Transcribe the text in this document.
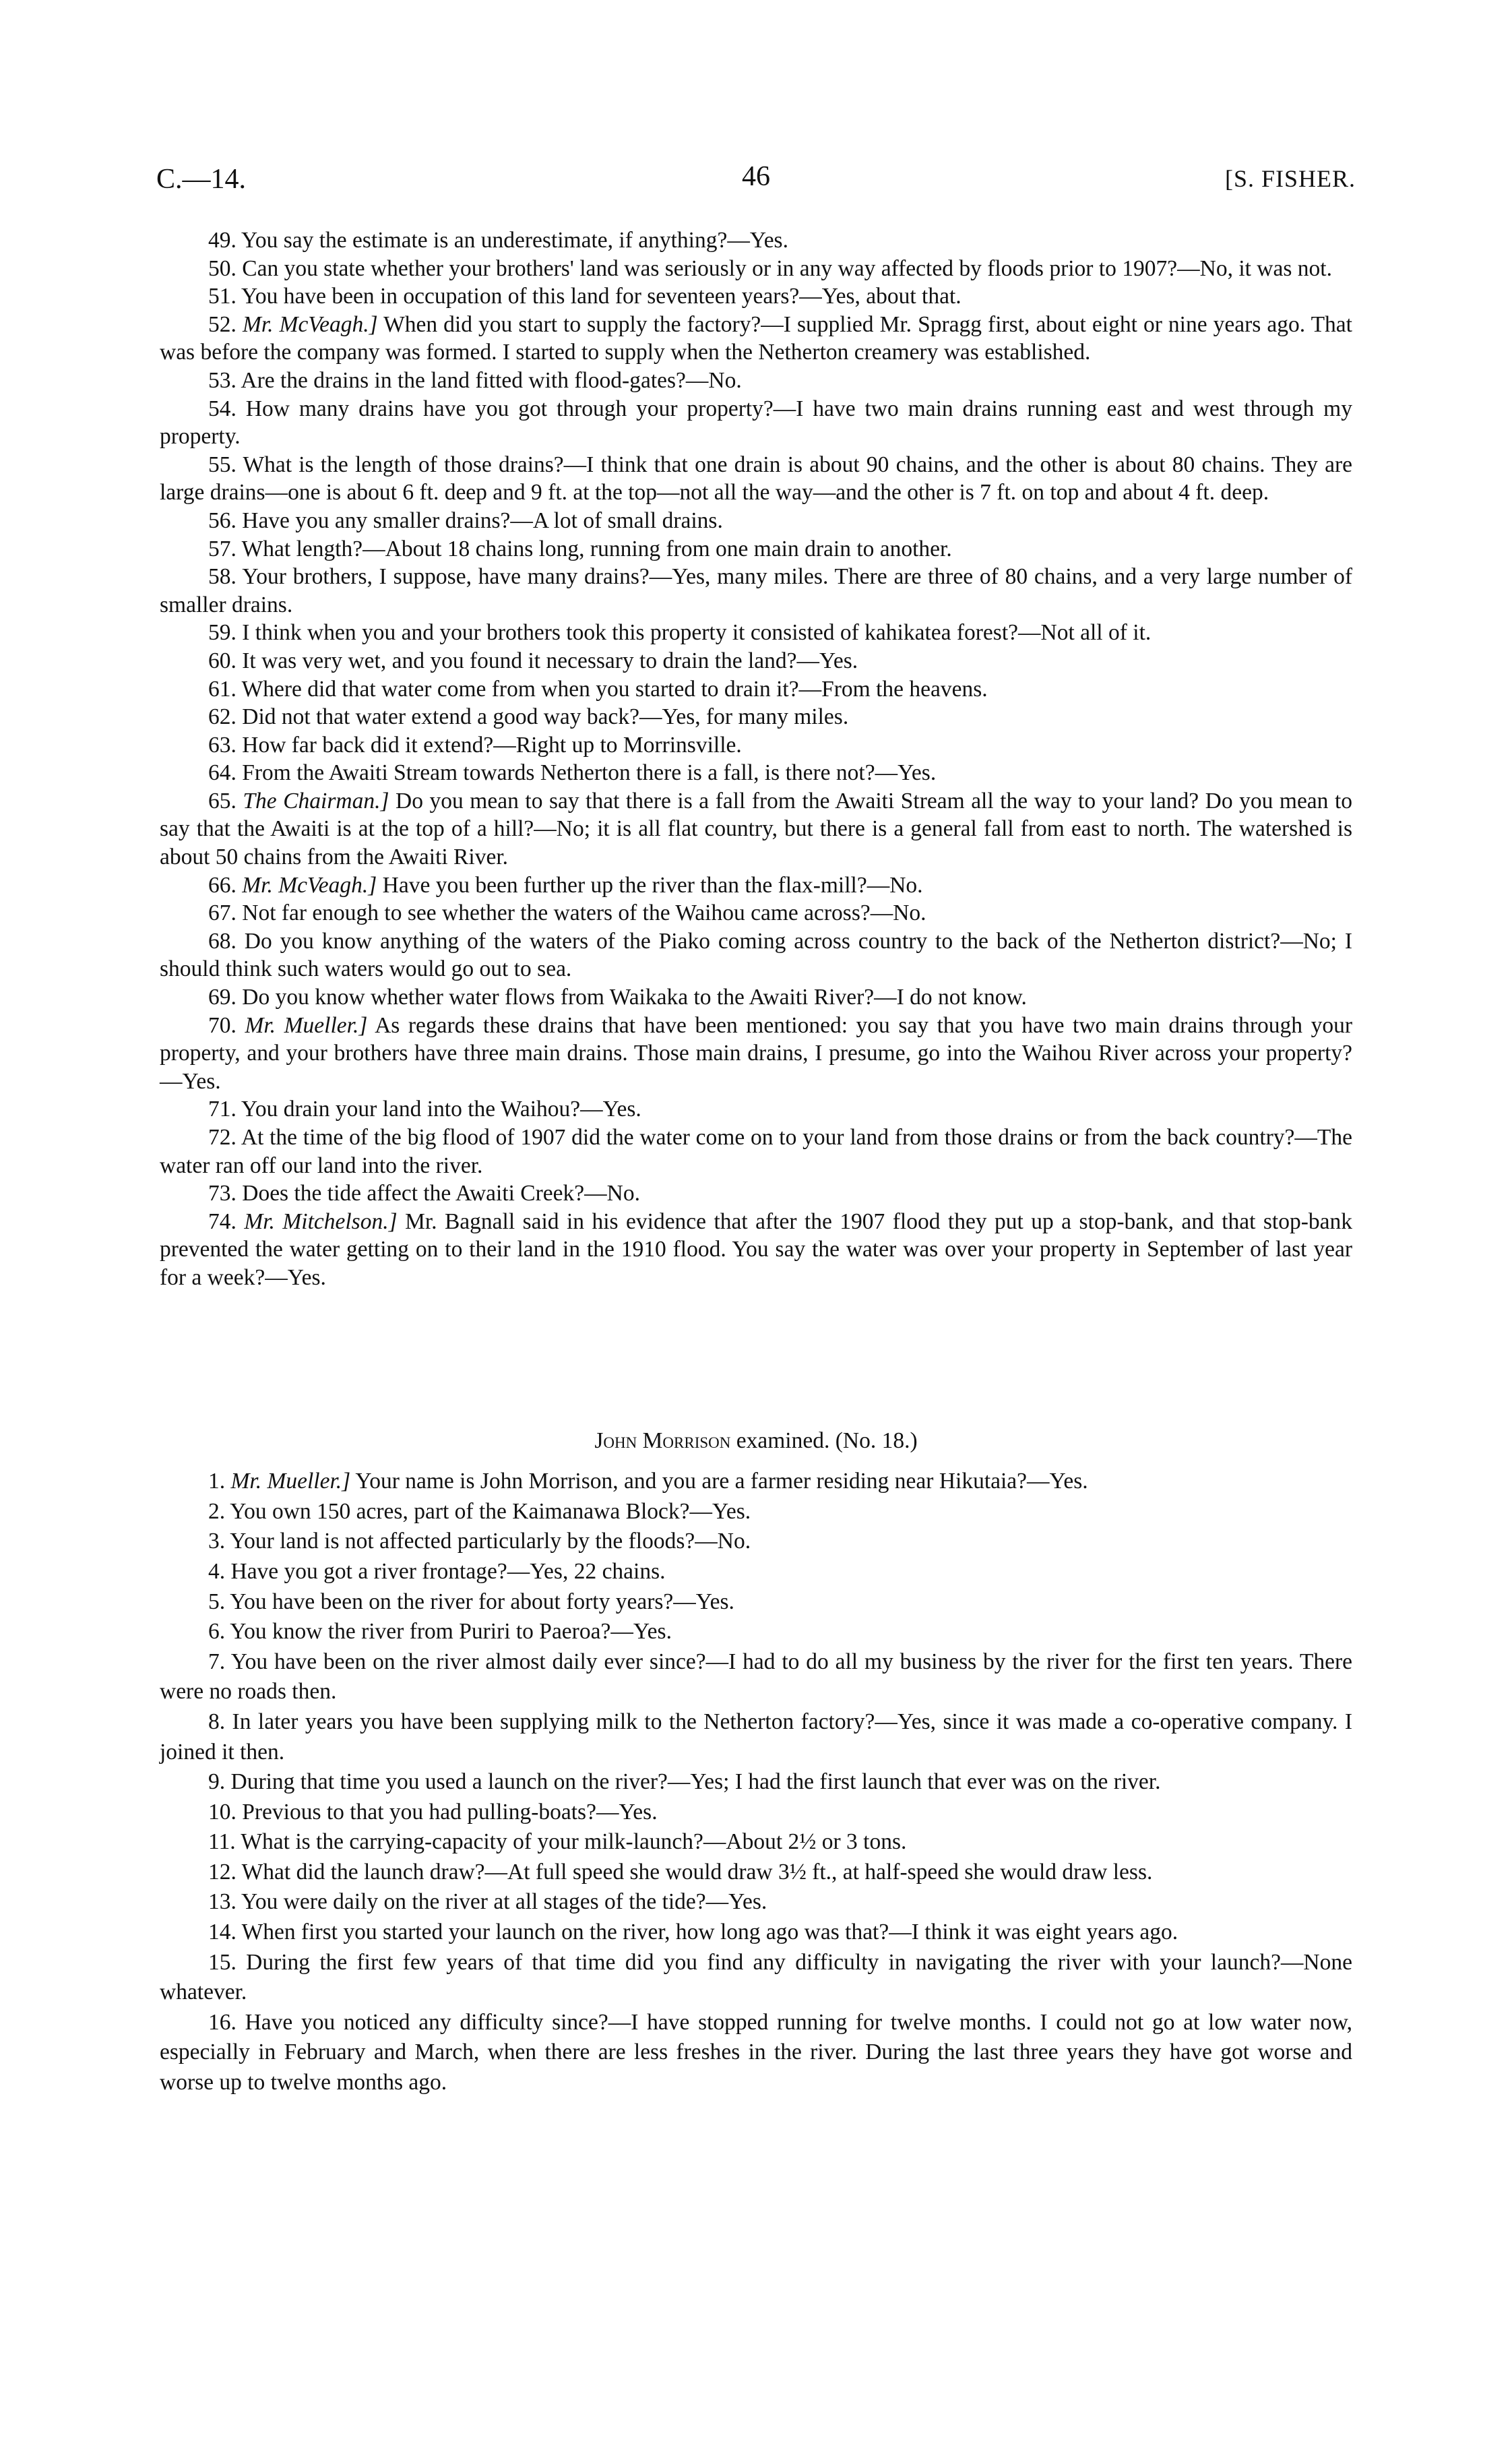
C.—14.	46	[S. FISHER.

49. You say the estimate is an underestimate, if anything?—Yes.

50. Can you state whether your brothers' land was seriously or in any way affected by floods prior to 1907?—No, it was not.

51. You have been in occupation of this land for seventeen years?—Yes, about that.

52. Mr. McVeagh.] When did you start to supply the factory?—I supplied Mr. Spragg first, about eight or nine years ago. That was before the company was formed. I started to supply when the Netherton creamery was established.

53. Are the drains in the land fitted with flood-gates?—No.

54. How many drains have you got through your property?—I have two main drains running east and west through my property.

55. What is the length of those drains?—I think that one drain is about 90 chains, and the other is about 80 chains. They are large drains—one is about 6 ft. deep and 9 ft. at the top—not all the way—and the other is 7 ft. on top and about 4 ft. deep.

56. Have you any smaller drains?—A lot of small drains.

57. What length?—About 18 chains long, running from one main drain to another.

58. Your brothers, I suppose, have many drains?—Yes, many miles. There are three of 80 chains, and a very large number of smaller drains.

59. I think when you and your brothers took this property it consisted of kahikatea forest?—Not all of it.

60. It was very wet, and you found it necessary to drain the land?—Yes.

61. Where did that water come from when you started to drain it?—From the heavens.

62. Did not that water extend a good way back?—Yes, for many miles.

63. How far back did it extend?—Right up to Morrinsville.

64. From the Awaiti Stream towards Netherton there is a fall, is there not?—Yes.

65. The Chairman.] Do you mean to say that there is a fall from the Awaiti Stream all the way to your land? Do you mean to say that the Awaiti is at the top of a hill?—No; it is all flat country, but there is a general fall from east to north. The watershed is about 50 chains from the Awaiti River.

66. Mr. McVeagh.] Have you been further up the river than the flax-mill?—No.

67. Not far enough to see whether the waters of the Waihou came across?—No.

68. Do you know anything of the waters of the Piako coming across country to the back of the Netherton district?—No; I should think such waters would go out to sea.

69. Do you know whether water flows from Waikaka to the Awaiti River?—I do not know.

70. Mr. Mueller.] As regards these drains that have been mentioned: you say that you have two main drains through your property, and your brothers have three main drains. Those main drains, I presume, go into the Waihou River across your property?—Yes.

71. You drain your land into the Waihou?—Yes.

72. At the time of the big flood of 1907 did the water come on to your land from those drains or from the back country?—The water ran off our land into the river.

73. Does the tide affect the Awaiti Creek?—No.

74. Mr. Mitchelson.] Mr. Bagnall said in his evidence that after the 1907 flood they put up a stop-bank, and that stop-bank prevented the water getting on to their land in the 1910 flood. You say the water was over your property in September of last year for a week?—Yes.

John Morrison examined. (No. 18.)

1. Mr. Mueller.] Your name is John Morrison, and you are a farmer residing near Hikutaia?—Yes.

2. You own 150 acres, part of the Kaimanawa Block?—Yes.

3. Your land is not affected particularly by the floods?—No.

4. Have you got a river frontage?—Yes, 22 chains.

5. You have been on the river for about forty years?—Yes.

6. You know the river from Puriri to Paeroa?—Yes.

7. You have been on the river almost daily ever since?—I had to do all my business by the river for the first ten years. There were no roads then.

8. In later years you have been supplying milk to the Netherton factory?—Yes, since it was made a co-operative company. I joined it then.

9. During that time you used a launch on the river?—Yes; I had the first launch that ever was on the river.

10. Previous to that you had pulling-boats?—Yes.

11. What is the carrying-capacity of your milk-launch?—About 2½ or 3 tons.

12. What did the launch draw?—At full speed she would draw 3½ ft., at half-speed she would draw less.

13. You were daily on the river at all stages of the tide?—Yes.

14. When first you started your launch on the river, how long ago was that?—I think it was eight years ago.

15. During the first few years of that time did you find any difficulty in navigating the river with your launch?—None whatever.

16. Have you noticed any difficulty since?—I have stopped running for twelve months. I could not go at low water now, especially in February and March, when there are less freshes in the river. During the last three years they have got worse and worse up to twelve months ago.
